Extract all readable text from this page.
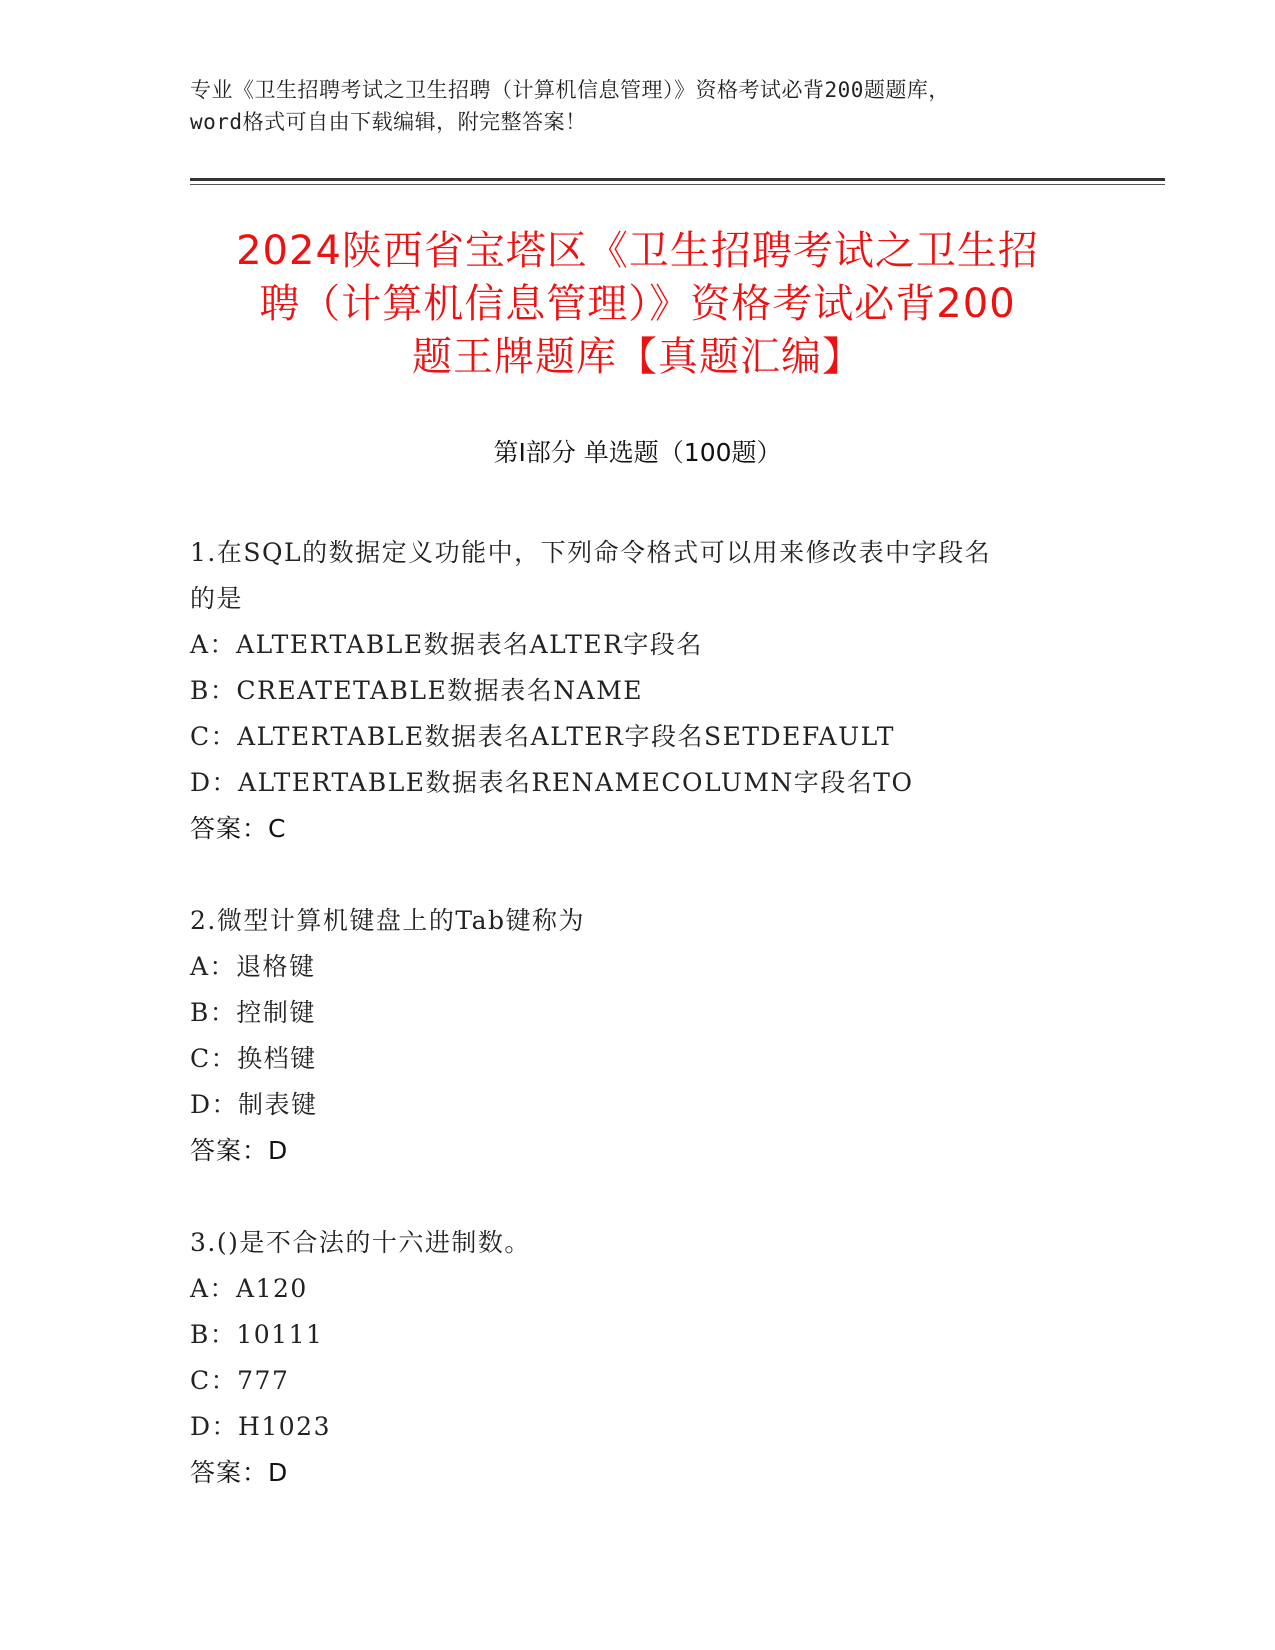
专业《卫生招聘考试之卫生招聘（计算机信息管理）》资格考试必背200题题库，
word格式可自由下载编辑，附完整答案！
2024陕西省宝塔区《卫生招聘考试之卫生招
聘（计算机信息管理）》资格考试必背200
题王牌题库【真题汇编】
第Ⅰ部分 单选题（100题）
1.在SQL的数据定义功能中，下列命令格式可以用来修改表中字段名
的是
A：ALTERTABLE数据表名ALTER字段名
B：CREATETABLE数据表名NAME
C：ALTERTABLE数据表名ALTER字段名SETDEFAULT
D：ALTERTABLE数据表名RENAMECOLUMN字段名TO
答案：C
2.微型计算机键盘上的Tab键称为
A：退格键
B：控制键
C：换档键
D：制表键
答案：D
3.()是不合法的十六进制数。
A：A120
B：10111
C：777
D：H1023
答案：D
